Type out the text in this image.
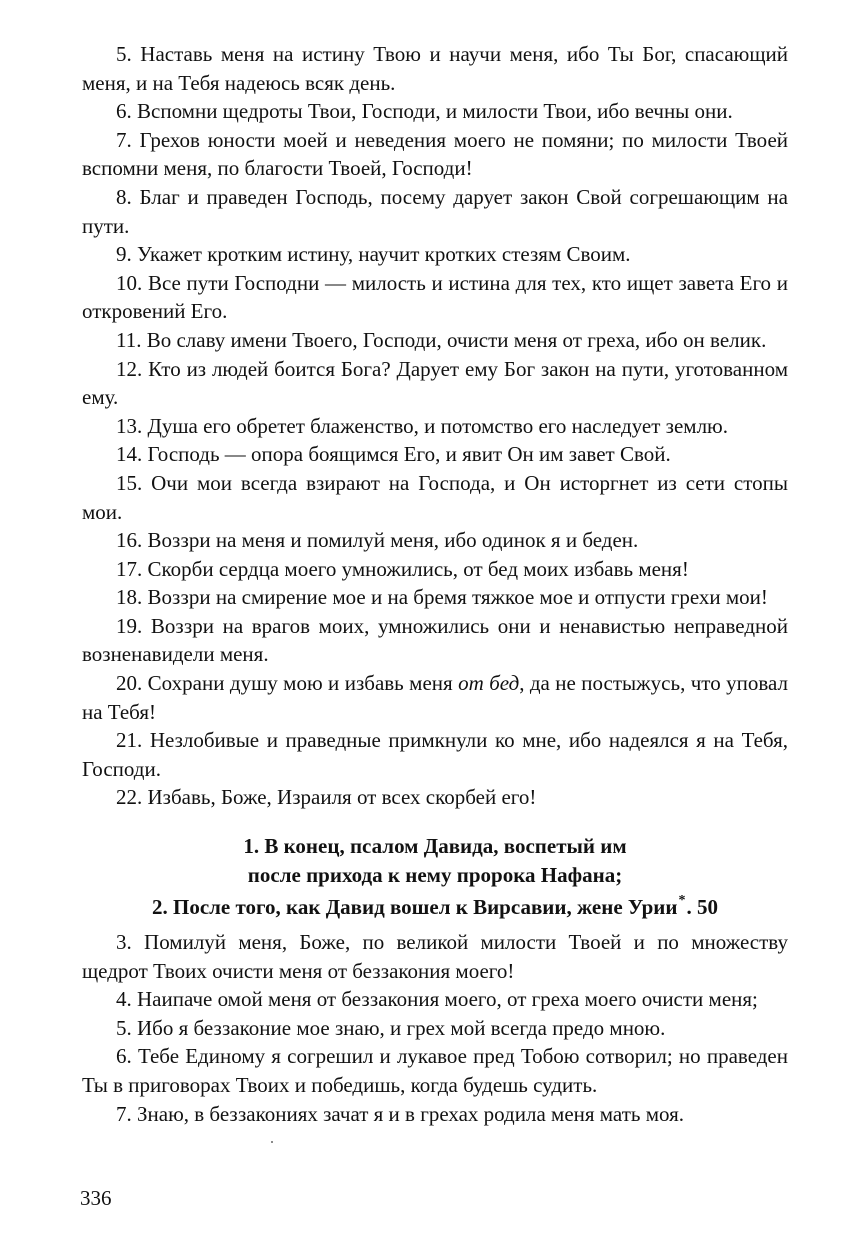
5. Наставь меня на истину Твою и научи меня, ибо Ты Бог, спасающий меня, и на Тебя надеюсь всяк день.

6. Вспомни щедроты Твои, Господи, и милости Твои, ибо вечны они.

7. Грехов юности моей и неведения моего не помяни; по милости Твоей вспомни меня, по благости Твоей, Господи!

8. Благ и праведен Господь, посему дарует закон Свой согрешающим на пути.

9. Укажет кротким истину, научит кротких стезям Своим.

10. Все пути Господни — милость и истина для тех, кто ищет завета Его и откровений Его.

11. Во славу имени Твоего, Господи, очисти меня от греха, ибо он велик.

12. Кто из людей боится Бога? Дарует ему Бог закон на пути, уготованном ему.

13. Душа его обретет блаженство, и потомство его наследует землю.

14. Господь — опора боящимся Его, и явит Он им завет Свой.

15. Очи мои всегда взирают на Господа, и Он исторгнет из сети стопы мои.

16. Воззри на меня и помилуй меня, ибо одинок я и беден.

17. Скорби сердца моего умножились, от бед моих избавь меня!

18. Воззри на смирение мое и на бремя тяжкое мое и отпусти грехи мои!

19. Воззри на врагов моих, умножились они и ненавистью неправедной возненавидели меня.

20. Сохрани душу мою и избавь меня от бед, да не постыжусь, что уповал на Тебя!

21. Незлобивые и праведные примкнули ко мне, ибо надеялся я на Тебя, Господи.

22. Избавь, Боже, Израиля от всех скорбей его!

1. В конец, псалом Давида, воспетый им
после прихода к нему пророка Нафана;
2. После того, как Давид вошел к Вирсавии, жене Урии*. 50

3. Помилуй меня, Боже, по великой милости Твоей и по множеству щедрот Твоих очисти меня от беззакония моего!

4. Наипаче омой меня от беззакония моего, от греха моего очисти меня;

5. Ибо я беззаконие мое знаю, и грех мой всегда предо мною.

6. Тебе Единому я согрешил и лукавое пред Тобою сотворил; но праведен Ты в приговорах Твоих и победишь, когда будешь судить.

7. Знаю, в беззакониях зачат я и в грехах родила меня мать моя.

336
